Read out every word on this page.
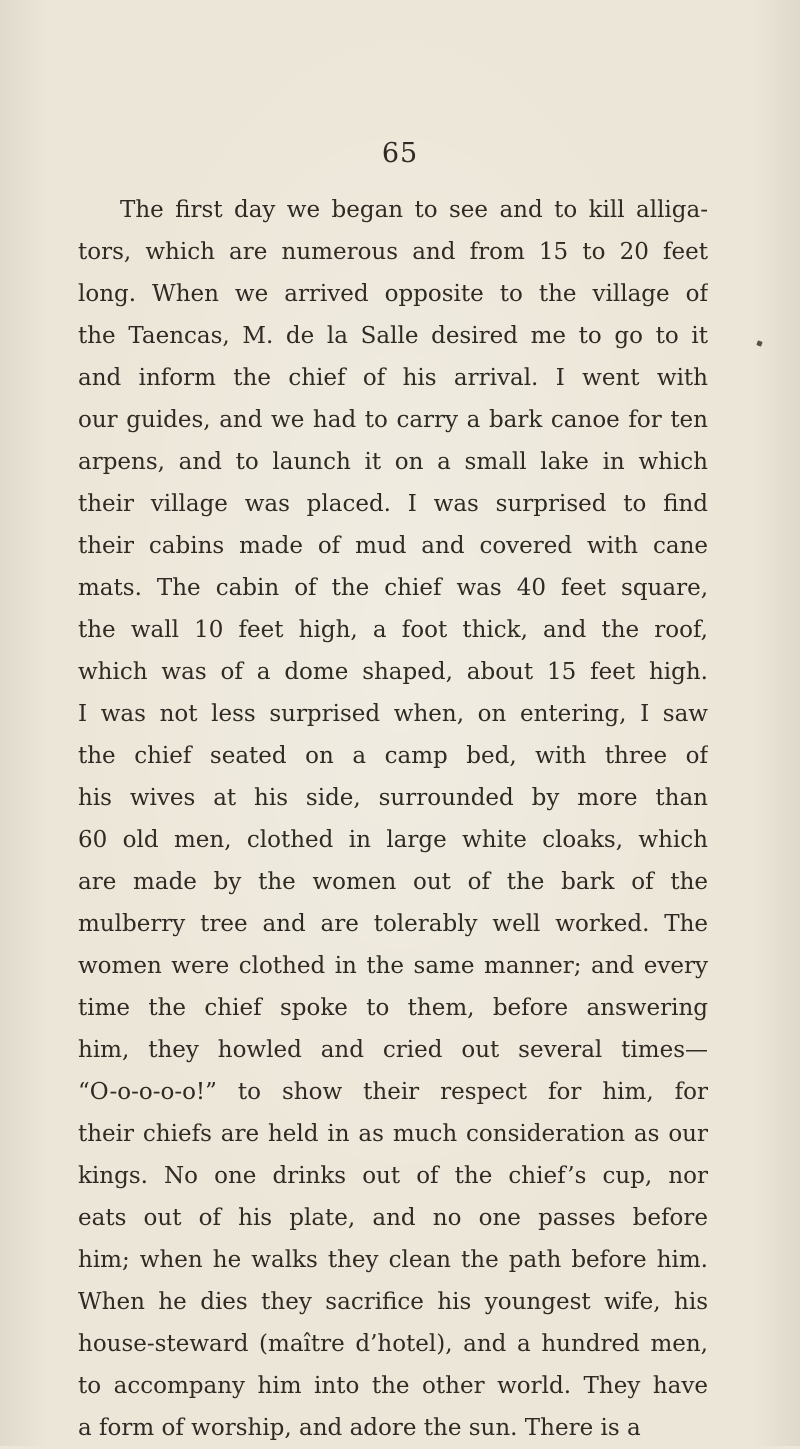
65
The first day we began to see and to kill alliga-
tors, which are numerous and from 15 to 20 feet
long. When we arrived opposite to the village of
the Taencas, M. de la Salle desired me to go to it
and inform the chief of his arrival. I went with
our guides, and we had to carry a bark canoe for ten
arpens, and to launch it on a small lake in which
their village was placed. I was surprised to find
their cabins made of mud and covered with cane
mats. The cabin of the chief was 40 feet square,
the wall 10 feet high, a foot thick, and the roof,
which was of a dome shaped, about 15 feet high.
I was not less surprised when, on entering, I saw
the chief seated on a camp bed, with three of
his wives at his side, surrounded by more than
60 old men, clothed in large white cloaks, which
are made by the women out of the bark of the
mulberry tree and are tolerably well worked. The
women were clothed in the same manner; and every
time the chief spoke to them, before answering
him, they howled and cried out several times—
“O-o-o-o-o!” to show their respect for him, for
their chiefs are held in as much consideration as our
kings. No one drinks out of the chief’s cup, nor
eats out of his plate, and no one passes before
him; when he walks they clean the path before him.
When he dies they sacrifice his youngest wife, his
house-steward (maître d’hotel), and a hundred men,
to accompany him into the other world. They have
a form of worship, and adore the sun. There is a
